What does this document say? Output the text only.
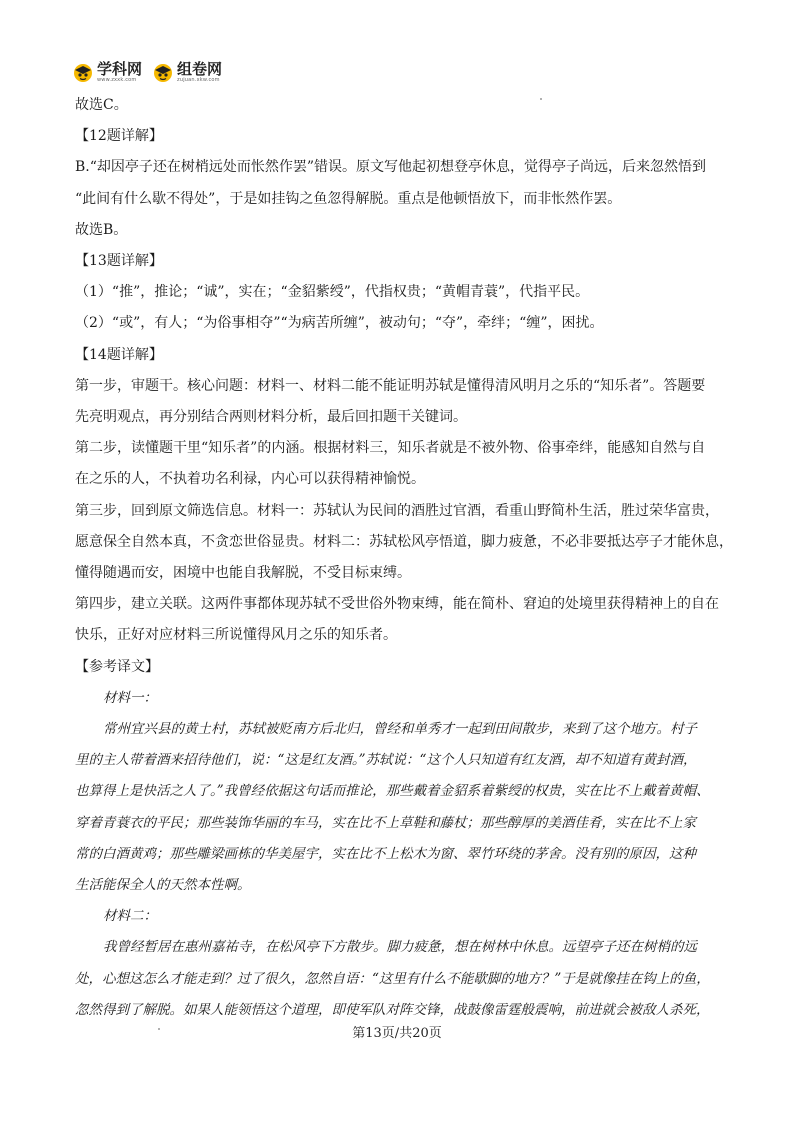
学科网
www.zxxk.com
组卷网
zujuan.xkw.com
故选C。
【12题详解】
B.“却因亭子还在树梢远处而怅然作罢”错误。原文写他起初想登亭休息，觉得亭子尚远，后来忽然悟到
“此间有什么歇不得处”，于是如挂钩之鱼忽得解脱。重点是他顿悟放下，而非怅然作罢。
故选B。
【13题详解】
（1）“推”，推论；“诚”，实在；“金貂紫绶”，代指权贵；“黄帽青蓑”，代指平民。
（2）“或”，有人；“为俗事相夺”“为病苦所缠”，被动句；“夺”，牵绊；“缠”，困扰。
【14题详解】
第一步，审题干。核心问题：材料一、材料二能不能证明苏轼是懂得清风明月之乐的“知乐者”。答题要
先亮明观点，再分别结合两则材料分析，最后回扣题干关键词。
第二步，读懂题干里“知乐者”的内涵。根据材料三，知乐者就是不被外物、俗事牵绊，能感知自然与自
在之乐的人，不执着功名利禄，内心可以获得精神愉悦。
第三步，回到原文筛选信息。材料一：苏轼认为民间的酒胜过官酒，看重山野简朴生活，胜过荣华富贵，
愿意保全自然本真，不贪恋世俗显贵。材料二：苏轼松风亭悟道，脚力疲惫，不必非要抵达亭子才能休息，
懂得随遇而安，困境中也能自我解脱，不受目标束缚。
第四步，建立关联。这两件事都体现苏轼不受世俗外物束缚，能在简朴、窘迫的处境里获得精神上的自在
快乐，正好对应材料三所说懂得风月之乐的知乐者。
【参考译文】
材料一：
常州宜兴县的黄土村，苏轼被贬南方后北归，曾经和单秀才一起到田间散步，来到了这个地方。村子
里的主人带着酒来招待他们，说：“这是红友酒。”苏轼说：“这个人只知道有红友酒，却不知道有黄封酒，
也算得上是快活之人了。”我曾经依据这句话而推论，那些戴着金貂系着紫绶的权贵，实在比不上戴着黄帽、
穿着青蓑衣的平民；那些装饰华丽的车马，实在比不上草鞋和藤杖；那些醇厚的美酒佳肴，实在比不上家
常的白酒黄鸡；那些雕梁画栋的华美屋宇，实在比不上松木为窗、翠竹环绕的茅舍。没有别的原因，这种
生活能保全人的天然本性啊。
材料二：
我曾经暂居在惠州嘉祐寺，在松风亭下方散步。脚力疲惫，想在树林中休息。远望亭子还在树梢的远
处，心想这怎么才能走到？过了很久，忽然自语：“这里有什么不能歇脚的地方？”于是就像挂在钩上的鱼，
忽然得到了解脱。如果人能领悟这个道理，即使军队对阵交锋，战鼓像雷霆般震响，前进就会被敌人杀死，
第13页/共20页
